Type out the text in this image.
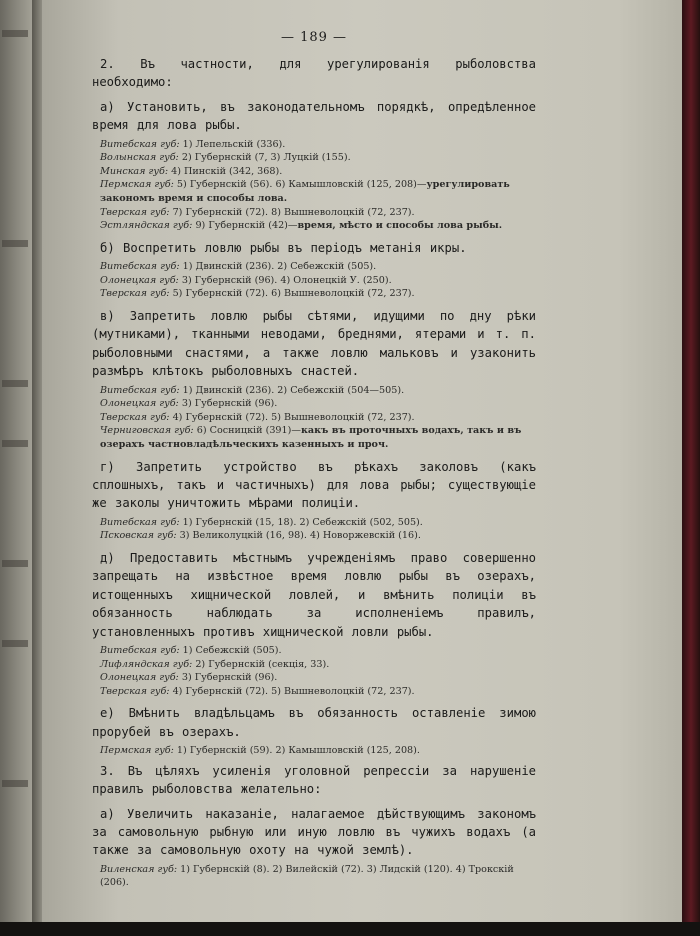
— 189 —
2. Въ частности, для урегулированія рыболовства необходимо:
а) Установить, въ законодательномъ порядкѣ, опредѣленное время для лова рыбы.
Витебская губ: 1) Лепельскій (336).
Волынская губ: 2) Губернскій (7, 3) Луцкій (155).
Минская губ: 4) Пинскій (342, 368).
Пермская губ: 5) Губернскій (56). 6) Камышловскій (125, 208)—урегулировать закономъ время и способы лова.
Тверская губ: 7) Губернскій (72). 8) Вышневолоцкій (72, 237).
Эстляндская губ: 9) Губернскій (42)—время, мѣсто и способы лова рыбы.
б) Воспретить ловлю рыбы въ періодъ метанія икры.
Витебская губ: 1) Двинскій (236). 2) Себежскій (505).
Олонецкая губ: 3) Губернскій (96). 4) Олонецкій У. (250).
Тверская губ: 5) Губернскій (72). 6) Вышневолоцкій (72, 237).
в) Запретить ловлю рыбы сѣтями, идущими по дну рѣки (мутниками), тканными неводами, бреднями, ятерами и т. п. рыболовными снастями, а также ловлю мальковъ и узаконить размѣръ клѣтокъ рыболовныхъ снастей.
Витебская губ: 1) Двинскій (236). 2) Себежскій (504—505).
Олонецкая губ: 3) Губернскій (96).
Тверская губ: 4) Губернскій (72). 5) Вышневолоцкій (72, 237).
Черниговская губ: 6) Сосницкій (391)—какъ въ проточныхъ водахъ, такъ и въ озерахъ частновладѣльческихъ казенныхъ и проч.
г) Запретить устройство въ рѣкахъ заколовъ (какъ сплошныхъ, такъ и частичныхъ) для лова рыбы; существующіе же заколы уничтожить мѣрами полиціи.
Витебская губ: 1) Губернскій (15, 18). 2) Себежскій (502, 505).
Псковская губ: 3) Великолуцкій (16, 98). 4) Новоржевскій (16).
д) Предоставить мѣстнымъ учрежденіямъ право совершенно запрещать на извѣстное время ловлю рыбы въ озерахъ, истощенныхъ хищнической ловлей, и вмѣнить полиціи въ обязанность наблюдать за исполненіемъ правилъ, установленныхъ противъ хищнической ловли рыбы.
Витебская губ: 1) Себежскій (505).
Лифляндская губ: 2) Губернскій (секція, 33).
Олонецкая губ: 3) Губернскій (96).
Тверская губ: 4) Губернскій (72). 5) Вышневолоцкій (72, 237).
е) Вмѣнить владѣльцамъ въ обязанность оставленіе зимою прорубей въ озерахъ.
Пермская губ: 1) Губернскій (59). 2) Камышловскій (125, 208).
3. Въ цѣляхъ усиленія уголовной репрессіи за нарушеніе правилъ рыболовства желательно:
а) Увеличить наказаніе, налагаемое дѣйствующимъ закономъ за самовольную рыбную или иную ловлю въ чужихъ водахъ (а также за самовольную охоту на чужой землѣ).
Виленская губ: 1) Губернскій (8). 2) Вилейскій (72). 3) Лидскій (120). 4) Трокскій (206).
